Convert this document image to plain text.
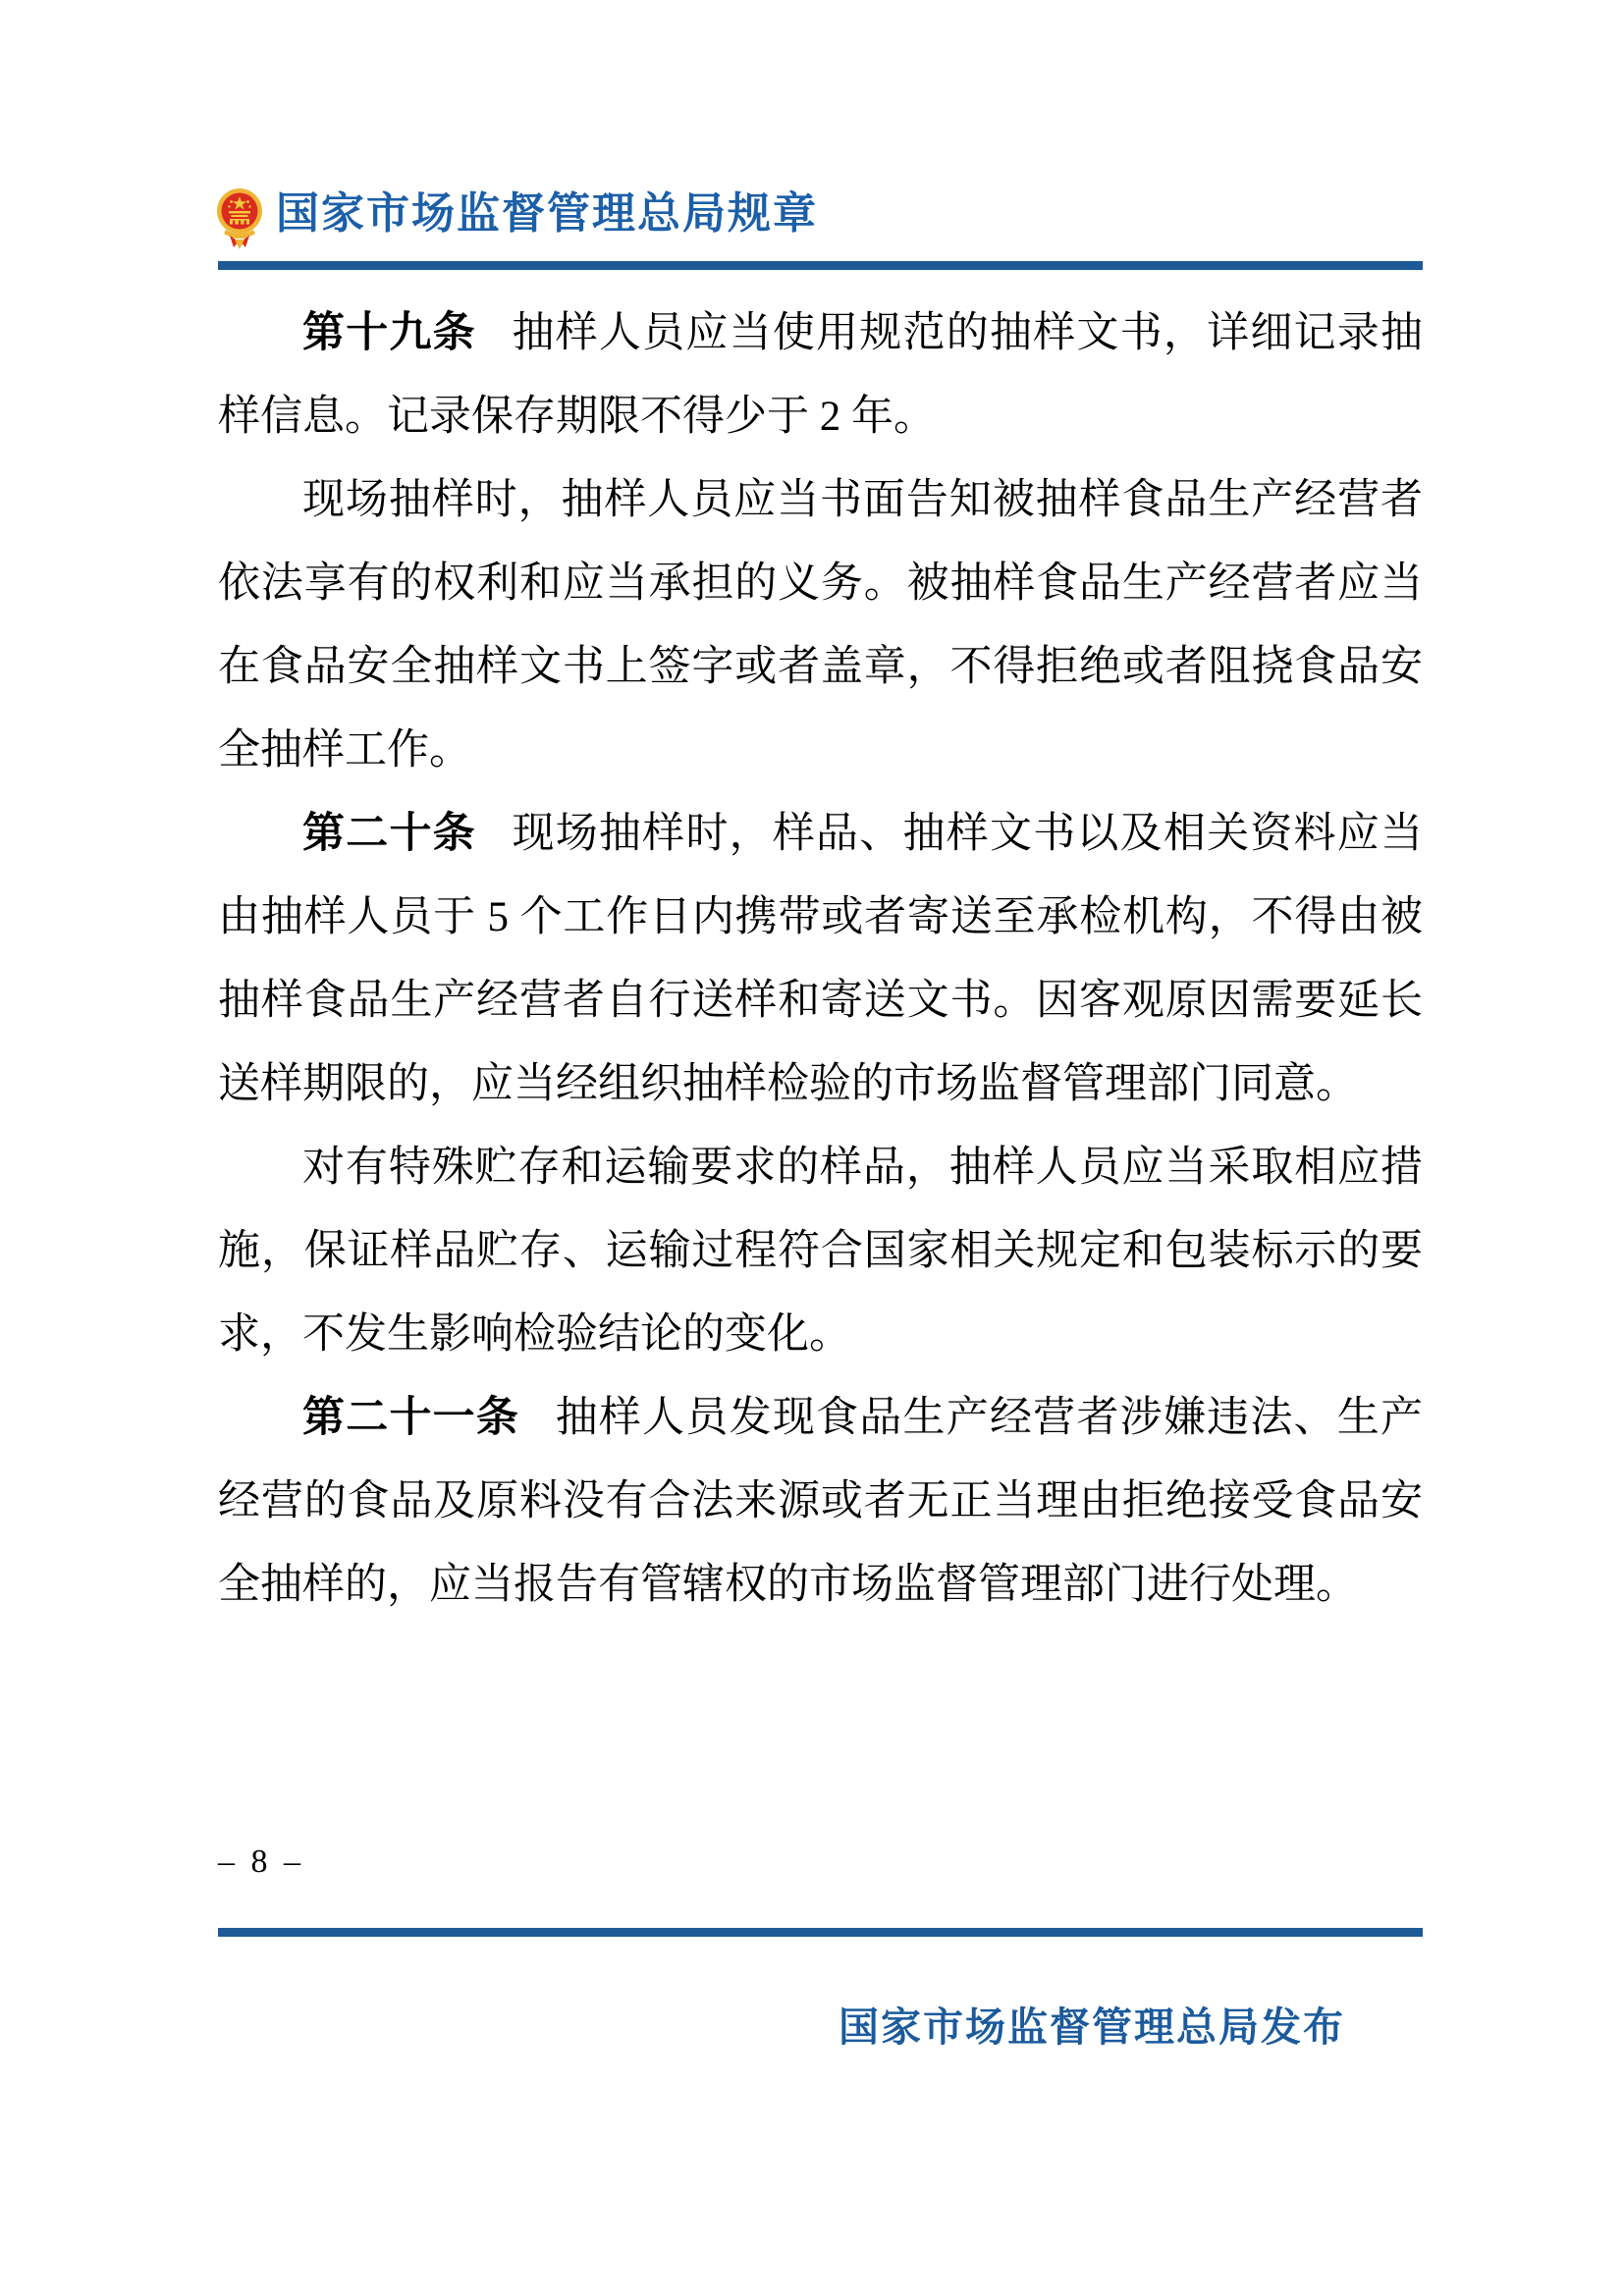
国家市场监督管理总局规章

第十九条 抽样人员应当使用规范的抽样文书，详细记录抽样信息。记录保存期限不得少于 2 年。

现场抽样时，抽样人员应当书面告知被抽样食品生产经营者依法享有的权利和应当承担的义务。被抽样食品生产经营者应当在食品安全抽样文书上签字或者盖章，不得拒绝或者阻挠食品安全抽样工作。

第二十条 现场抽样时，样品、抽样文书以及相关资料应当由抽样人员于 5 个工作日内携带或者寄送至承检机构，不得由被抽样食品生产经营者自行送样和寄送文书。因客观原因需要延长送样期限的，应当经组织抽样检验的市场监督管理部门同意。

对有特殊贮存和运输要求的样品，抽样人员应当采取相应措施，保证样品贮存、运输过程符合国家相关规定和包装标示的要求，不发生影响检验结论的变化。

第二十一条 抽样人员发现食品生产经营者涉嫌违法、生产经营的食品及原料没有合法来源或者无正当理由拒绝接受食品安全抽样的，应当报告有管辖权的市场监督管理部门进行处理。

– 8 –
国家市场监督管理总局发布
